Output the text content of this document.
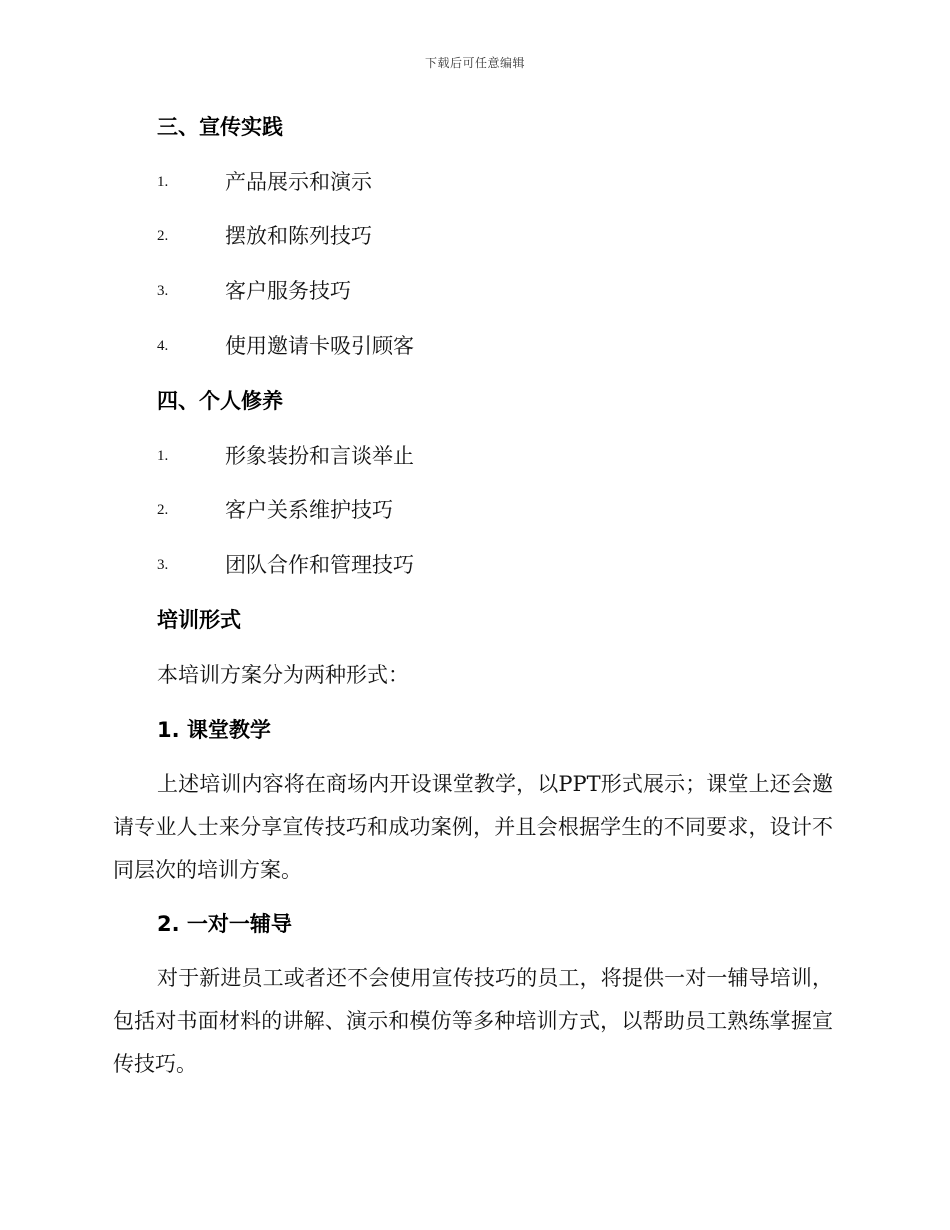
下载后可任意编辑
三、宣传实践
1.	产品展示和演示
2.	摆放和陈列技巧
3.	客户服务技巧
4.	使用邀请卡吸引顾客
四、个人修养
1.	形象装扮和言谈举止
2.	客户关系维护技巧
3.	团队合作和管理技巧
培训形式
本培训方案分为两种形式：
1. 课堂教学
上述培训内容将在商场内开设课堂教学，以PPT形式展示；课堂上还会邀请专业人士来分享宣传技巧和成功案例，并且会根据学生的不同要求，设计不同层次的培训方案。
2. 一对一辅导
对于新进员工或者还不会使用宣传技巧的员工，将提供一对一辅导培训，包括对书面材料的讲解、演示和模仿等多种培训方式，以帮助员工熟练掌握宣传技巧。
